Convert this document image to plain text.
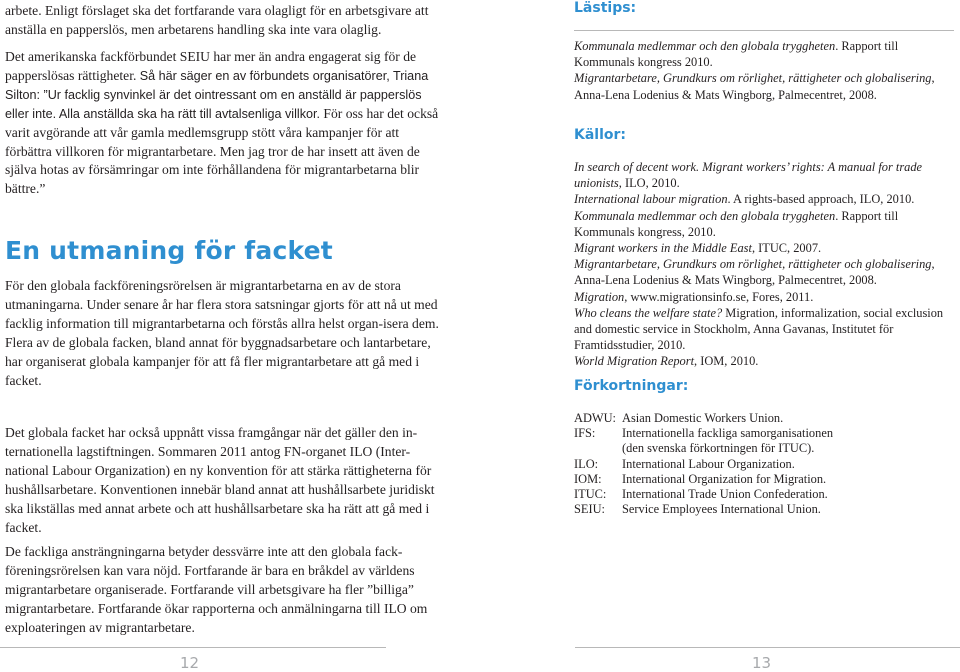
arbete. Enligt förslaget ska det fortfarande vara olagligt för en arbetsgivare att anställa en papperslös, men arbetarens handling ska inte vara olaglig.

Det amerikanska fackförbundet SEIU har mer än andra engagerat sig för de papperslösas rättigheter. Så här säger en av förbundets organisatörer, Triana Silton: ”Ur facklig synvinkel är det ointressant om en anställd är papperslös eller inte. Alla anställda ska ha rätt till avtalsenliga villkor. För oss har det också varit avgörande att vår gamla medlemsgrupp stött våra kampanjer för att förbättra villkoren för migrantarbetare. Men jag tror de har insett att även de själva hotas av försämringar om inte förhållandena för migrantarbetarna blir bättre.”

En utmaning för facket

För den globala fackföreningsrörelsen är migrantarbetarna en av de stora utmaningarna. Under senare år har flera stora satsningar gjorts för att nå ut med facklig information till migrantarbetarna och förstås allra helst organ-isera dem. Flera av de globala facken, bland annat för byggnadsarbetare och lantarbetare, har organiserat globala kampanjer för att få fler migrantarbetare att gå med i facket.

Det globala facket har också uppnått vissa framgångar när det gäller den in-ternationella lagstiftningen. Sommaren 2011 antog FN-organet ILO (Inter-national Labour Organization) en ny konvention för att stärka rättigheterna för hushållsarbetare. Konventionen innebär bland annat att hushållsarbete juridiskt ska likställas med annat arbete och att hushållsarbetare ska ha rätt att gå med i facket.

De fackliga ansträngningarna betyder dessvärre inte att den globala fack-föreningsrörelsen kan vara nöjd. Fortfarande är bara en bråkdel av världens migrantarbetare organiserade. Fortfarande vill arbetsgivare ha fler ”billiga” migrantarbetare. Fortfarande ökar rapporterna och anmälningarna till ILO om exploateringen av migrantarbetare.

12
Lästips:

Kommunala medlemmar och den globala tryggheten. Rapport till Kommunals kongress 2010.

Migrantarbetare, Grundkurs om rörlighet, rättigheter och globalisering, Anna-Lena Lodenius & Mats Wingborg, Palmecentret, 2008.

Källor:

In search of decent work. Migrant workers’ rights: A manual for trade unionists, ILO, 2010.

International labour migration. A rights-based approach, ILO, 2010.

Kommunala medlemmar och den globala tryggheten. Rapport till Kommunals kongress, 2010.

Migrant workers in the Middle East, ITUC, 2007.

Migrantarbetare, Grundkurs om rörlighet, rättigheter och globalisering, Anna-Lena Lodenius & Mats Wingborg, Palmecentret, 2008.

Migration, www.migrationsinfo.se, Fores, 2011.

Who cleans the welfare state? Migration, informalization, social exclusion and domestic service in Stockholm, Anna Gavanas, Institutet för Framtidsstudier, 2010.

World Migration Report, IOM, 2010.

Förkortningar:
ADWU:	Asian Domestic Workers Union.
IFS:	Internationella fackliga samorganisationen (den svenska förkortningen för ITUC).
ILO:	International Labour Organization.
IOM:	International Organization for Migration.
ITUC:	International Trade Union Confederation.
SEIU:	Service Employees International Union.
13
